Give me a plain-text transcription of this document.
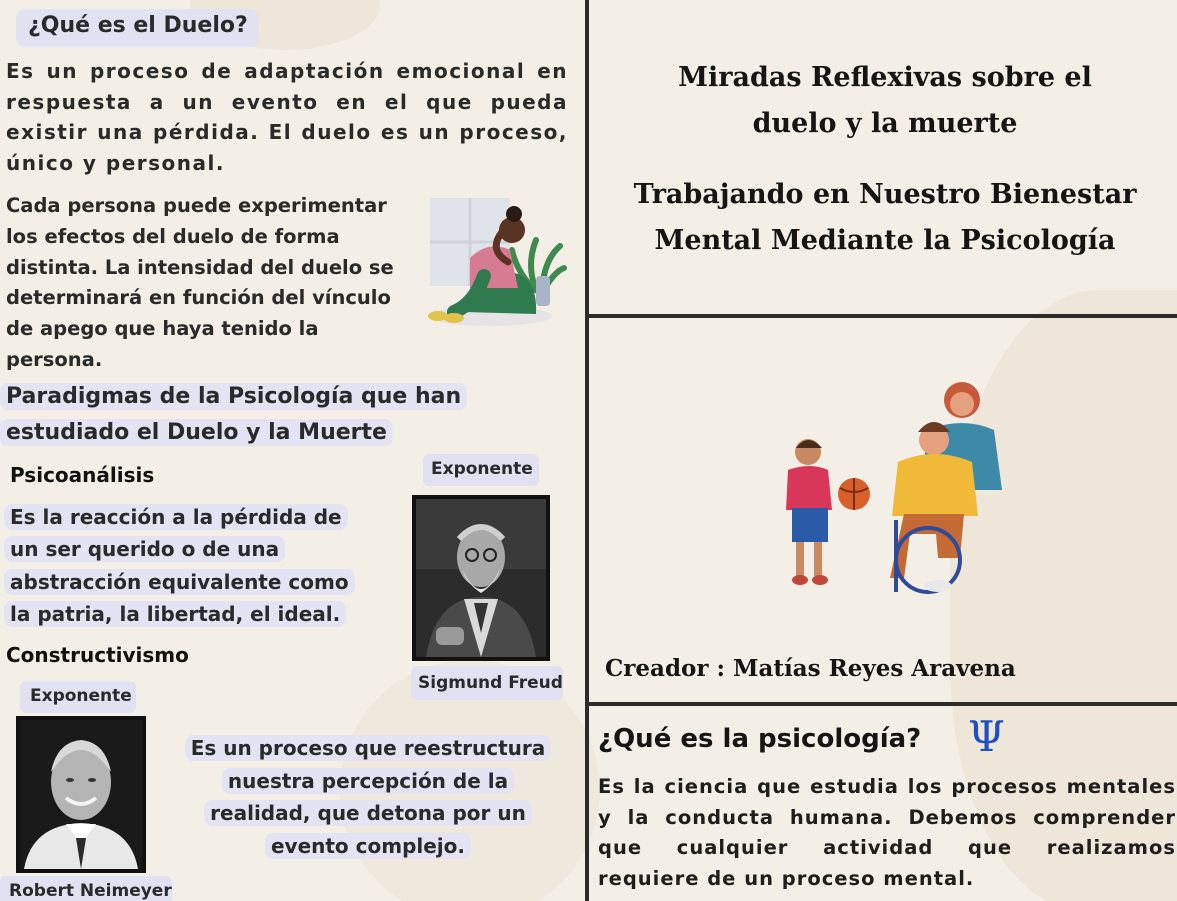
¿Qué es el Duelo?
Es un proceso de adaptación emocional en respuesta a un evento en el que pueda existir una pérdida. El duelo es un proceso, único y personal.
Cada persona puede experimentar
los efectos del duelo de forma
distinta. La intensidad del duelo se
determinará en función del vínculo
de apego que haya tenido la
persona.
Paradigmas de la Psicología que han
estudiado el Duelo y la Muerte
Psicoanálisis	Exponente
Es la reacción a la pérdida de
un ser querido o de una
abstracción equivalente como
la patria, la libertad, el ideal.
Sigmund Freud
Constructivismo
Exponente
Robert Neimeyer
Es un proceso que reestructura
nuestra percepción de la
realidad, que detona por un
evento complejo.
Miradas Reflexivas sobre el
duelo y la muerte
Trabajando en Nuestro Bienestar
Mental Mediante la Psicología
Creador : Matías Reyes Aravena
¿Qué es la psicología? Ψ
Es la ciencia que estudia los procesos mentales y la conducta humana. Debemos comprender que cualquier actividad que realizamos requiere de un proceso mental.
